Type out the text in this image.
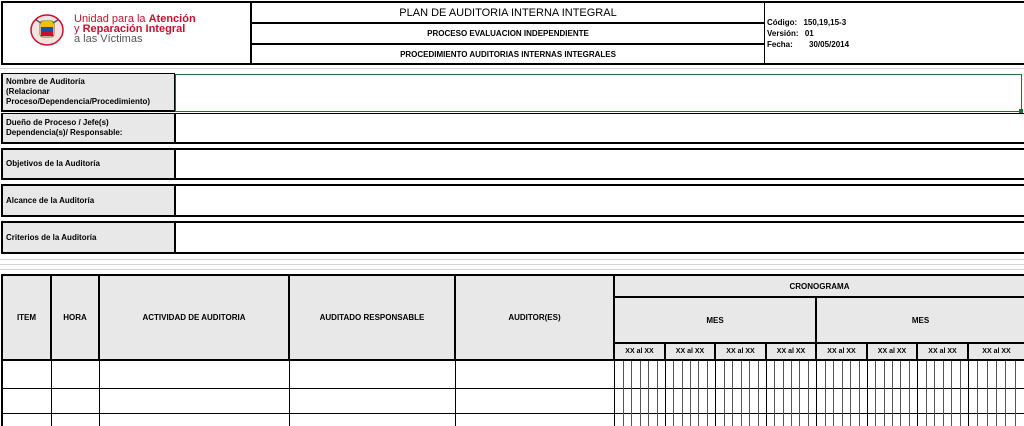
Unidad para la Atención
y Reparación Integral
a las Víctimas
PLAN DE AUDITORIA INTERNA INTEGRAL
PROCESO EVALUACION INDEPENDIENTE
PROCEDIMIENTO AUDITORIAS INTERNAS INTEGRALES
Código: 150,19,15-3
Versión: 01
Fecha: 30/05/2014
Nombre de Auditoría
(Relacionar
Proceso/Dependencia/Procedimiento)
Dueño de Proceso / Jefe(s)
Dependencia(s)/ Responsable:
Objetivos de la Auditoría
Alcance de la Auditoría
Criterios de la Auditoría
ITEM	HORA	ACTIVIDAD DE AUDITORIA	AUDITADO RESPONSABLE	AUDITOR(ES)
CRONOGRAMA
MES	MES
XX al XX	XX al XX	XX al XX	XX al XX	XX al XX	XX al XX	XX al XX	XX al XX
